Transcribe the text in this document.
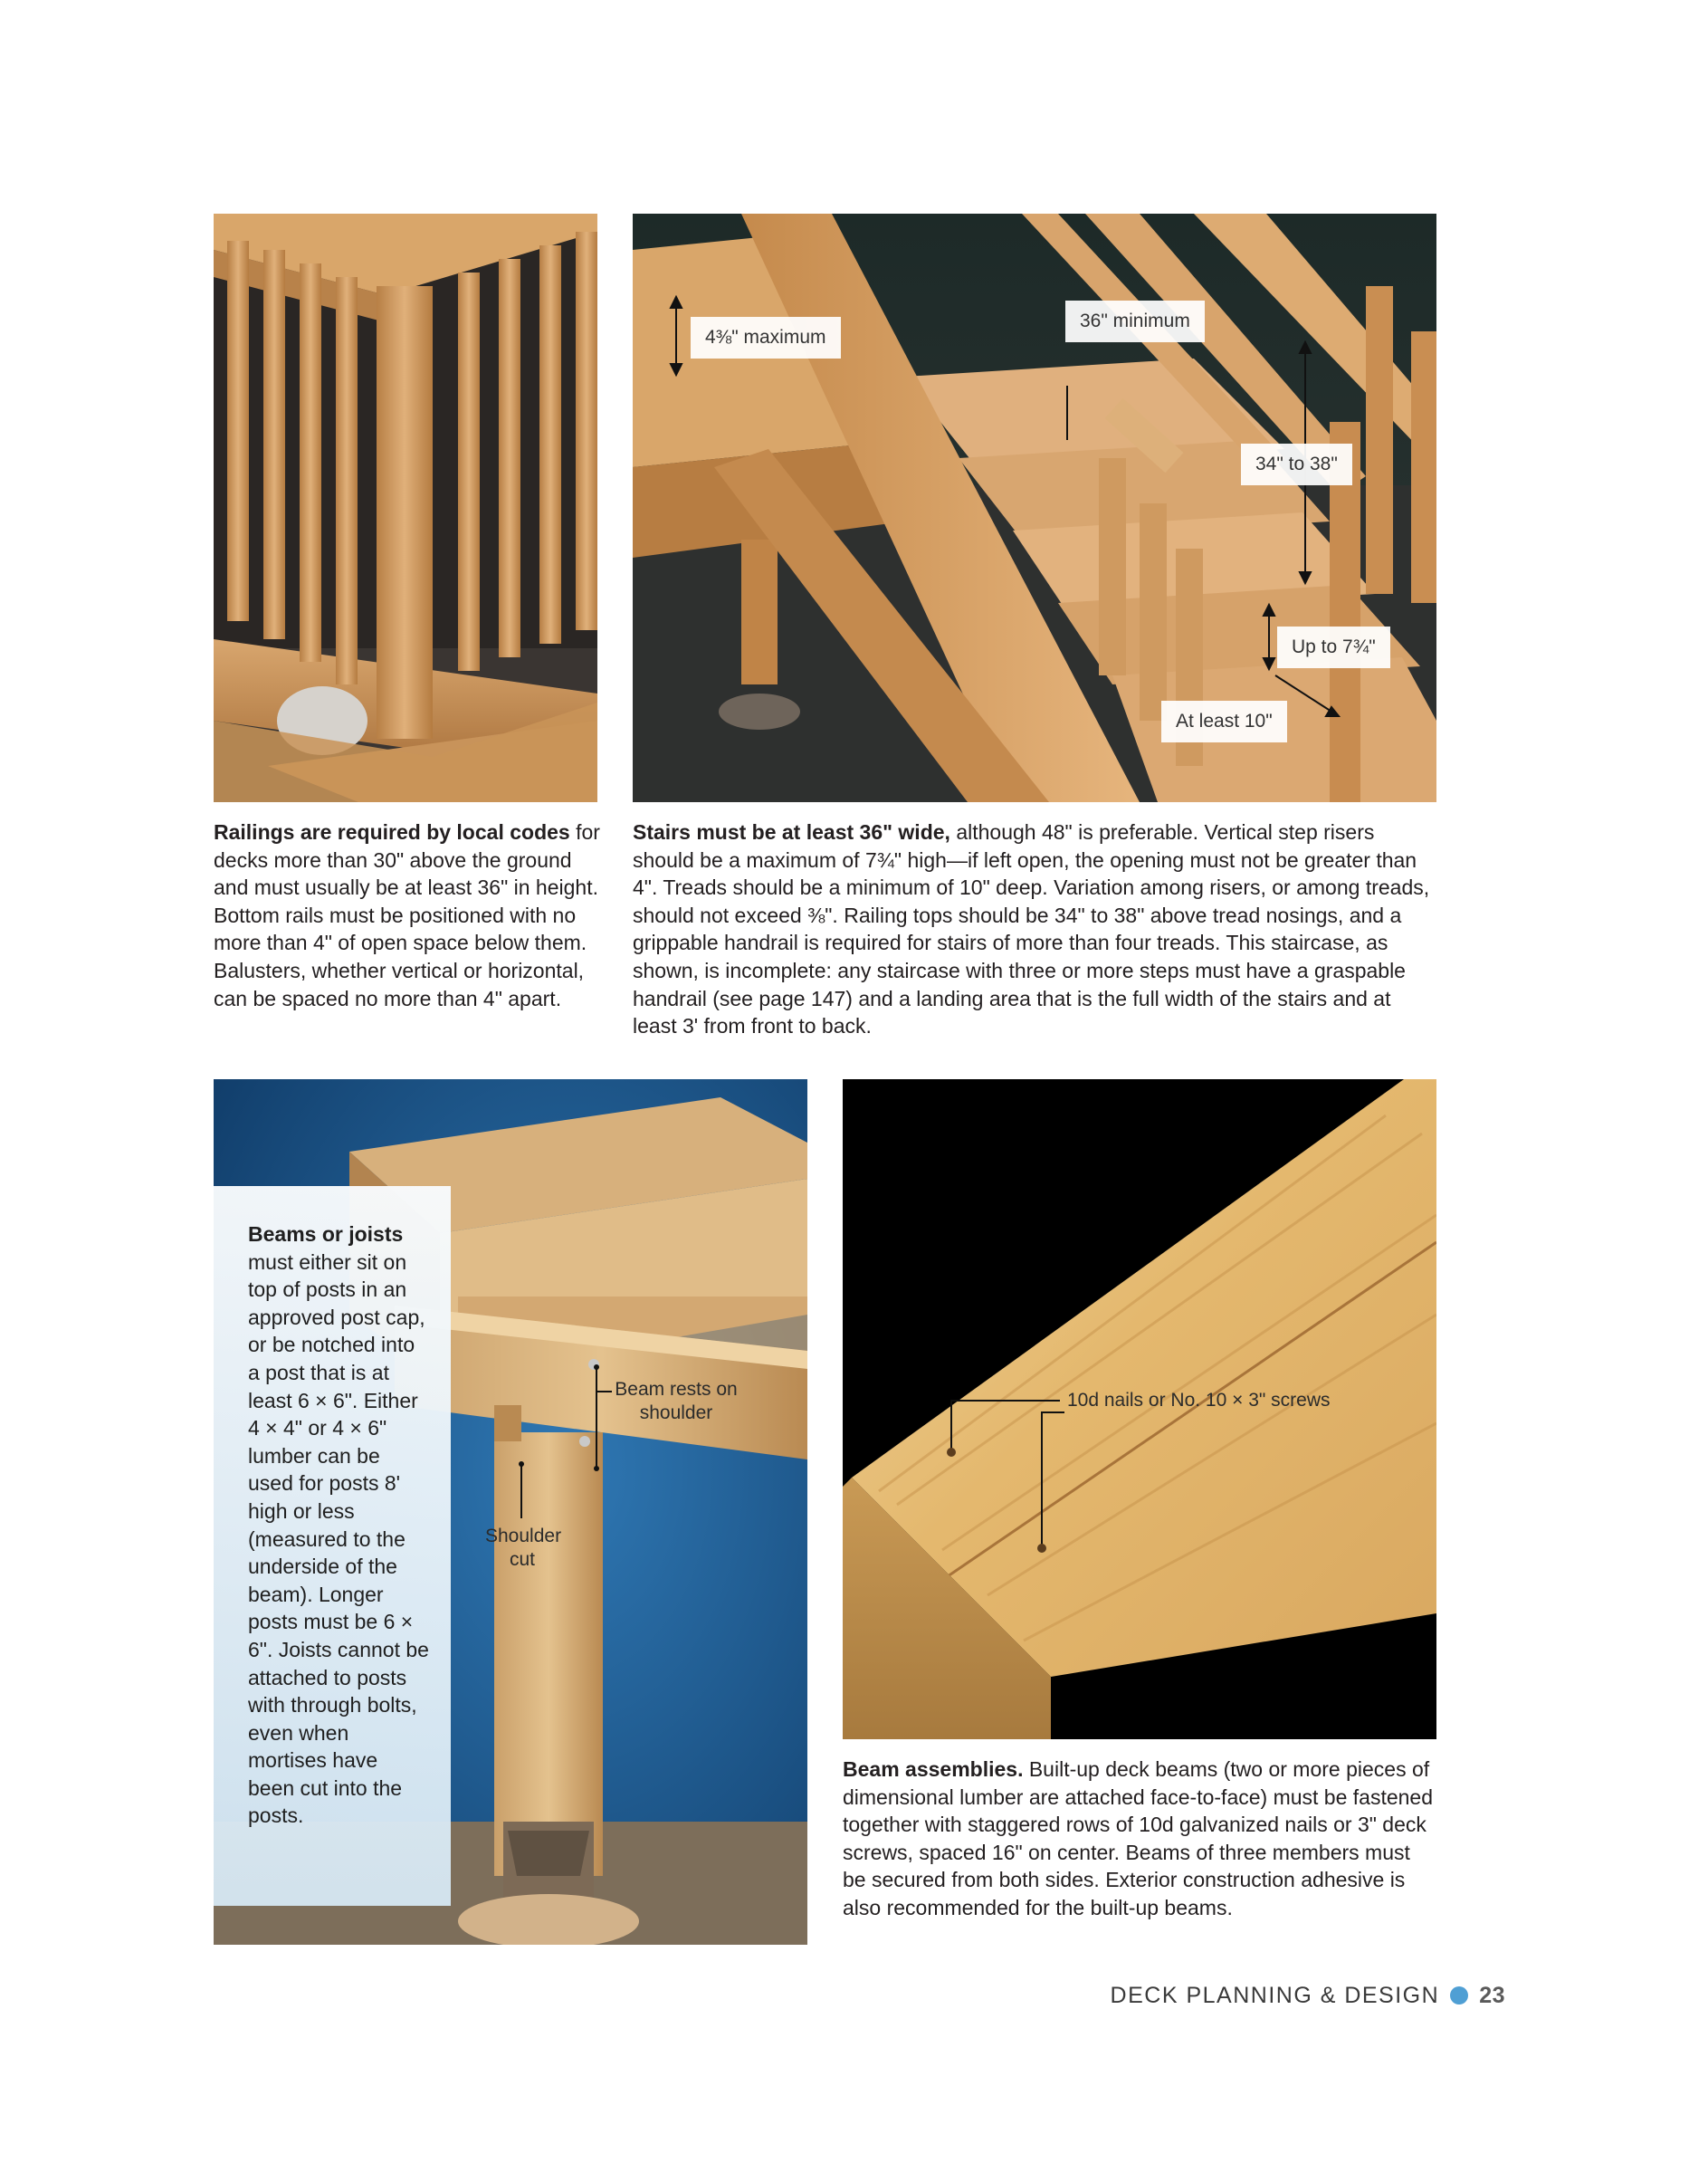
4⅜" maximum
36" minimum
34" to 38"
Up to 7¾"
At least 10"

Railings are required by local codes for decks more than 30" above the ground and must usually be at least 36" in height. Bottom rails must be positioned with no more than 4" of open space below them. Balusters, whether vertical or horizontal, can be spaced no more than 4" apart.

Stairs must be at least 36" wide, although 48" is preferable. Vertical step risers should be a maximum of 7¾" high—if left open, the opening must not be greater than 4". Treads should be a minimum of 10" deep. Variation among risers, or among treads, should not exceed ⅜". Railing tops should be 34" to 38" above tread nosings, and a grippable handrail is required for stairs of more than four treads. This staircase, as shown, is incomplete: any staircase with three or more steps must have a graspable handrail (see page 147) and a landing area that is the full width of the stairs and at least 3' from front to back.

Beam rests on shoulder
Shoulder cut

Beams or joists must either sit on top of posts in an approved post cap, or be notched into a post that is at least 6 × 6". Either 4 × 4" or 4 × 6" lumber can be used for posts 8' high or less (measured to the underside of the beam). Longer posts must be 6 × 6". Joists cannot be attached to posts with through bolts, even when mortises have been cut into the posts.

10d nails or No. 10 × 3" screws

Beam assemblies. Built-up deck beams (two or more pieces of dimensional lumber are attached face-to-face) must be fastened together with staggered rows of 10d galvanized nails or 3" deck screws, spaced 16" on center. Beams of three members must be secured from both sides. Exterior construction adhesive is also recommended for the built-up beams.

DECK PLANNING & DESIGN 23
